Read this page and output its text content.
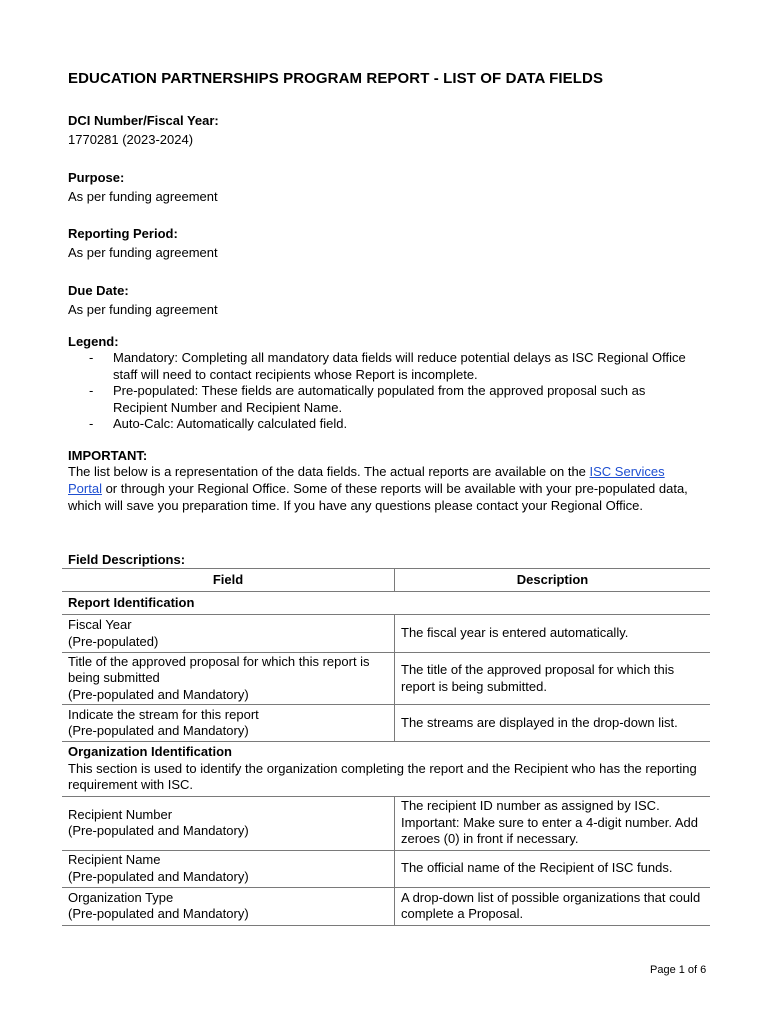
EDUCATION PARTNERSHIPS PROGRAM REPORT - LIST OF DATA FIELDS
DCI Number/Fiscal Year:
1770281 (2023-2024)
Purpose:
As per funding agreement
Reporting Period:
As per funding agreement
Due Date:
As per funding agreement
Legend:
- Mandatory: Completing all mandatory data fields will reduce potential delays as ISC Regional Office staff will need to contact recipients whose Report is incomplete.
- Pre-populated: These fields are automatically populated from the approved proposal such as Recipient Number and Recipient Name.
- Auto-Calc: Automatically calculated field.
IMPORTANT:
The list below is a representation of the data fields. The actual reports are available on the ISC Services Portal or through your Regional Office. Some of these reports will be available with your pre-populated data, which will save you preparation time. If you have any questions please contact your Regional Office.
Field Descriptions:
Field	Description
Report Identification	

Fiscal Year
(Pre-populated)	The fiscal year is entered automatically.

Title of the approved proposal for which this report is being submitted
(Pre-populated and Mandatory)	The title of the approved proposal for which this report is being submitted.

Indicate the stream for this report
(Pre-populated and Mandatory)	The streams are displayed in the drop-down list.

Organization Identification
This section is used to identify the organization completing the report and the Recipient who has the reporting requirement with ISC.	

Recipient Number
(Pre-populated and Mandatory)	The recipient ID number as assigned by ISC. Important: Make sure to enter a 4-digit number. Add zeroes (0) in front if necessary.

Recipient Name
(Pre-populated and Mandatory)	The official name of the Recipient of ISC funds.

Organization Type
(Pre-populated and Mandatory)	A drop-down list of possible organizations that could complete a Proposal.
Page 1 of 6
